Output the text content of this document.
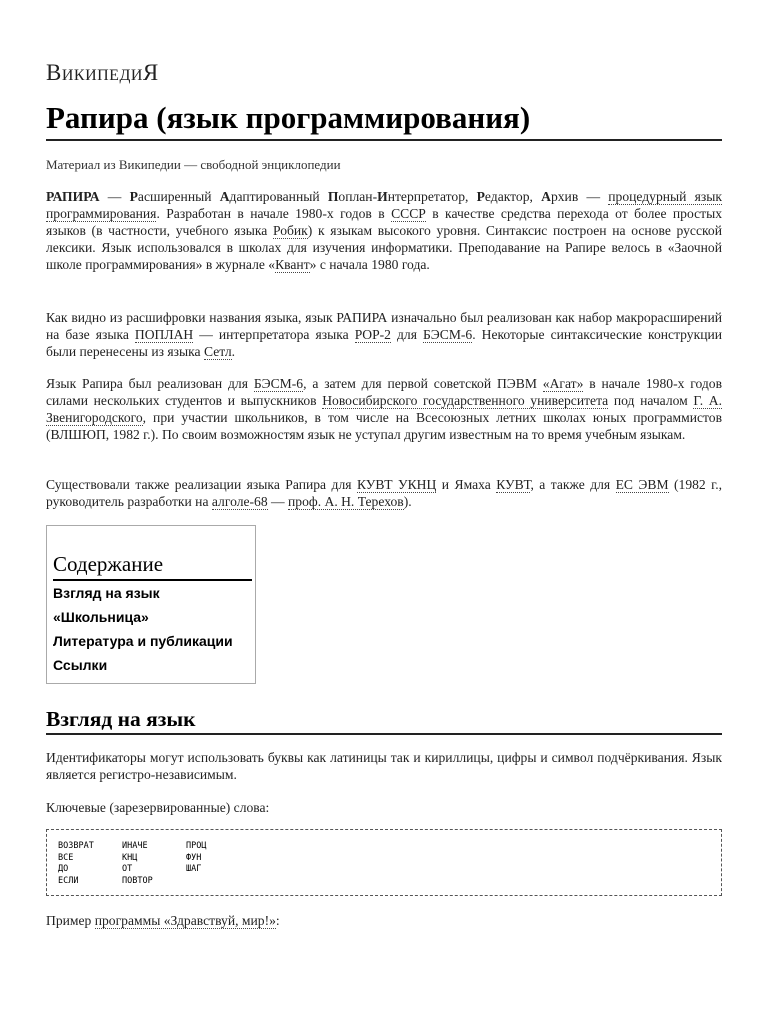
ВИКИПЕДИЯ
Рапира (язык программирования)
Материал из Википедии — свободной энциклопедии

РАПИРА — Расширенный Адаптированный Поплан-Интерпретатор, Редактор, Архив — процедурный язык программирования. Разработан в начале 1980-х годов в СССР в качестве средства перехода от более простых языков (в частности, учебного языка Робик) к языкам высокого уровня. Синтаксис построен на основе русской лексики. Язык использовался в школах для изучения информатики. Преподавание на Рапире велось в «Заочной школе программирования» в журнале «Квант» с начала 1980 года.

Как видно из расшифровки названия языка, язык РАПИРА изначально был реализован как набор макрорасширений на базе языка ПОПЛАН — интерпретатора языка POP-2 для БЭСМ-6. Некоторые синтаксические конструкции были перенесены из языка Сетл.

Язык Рапира был реализован для БЭСМ-6, а затем для первой советской ПЭВМ «Агат» в начале 1980-х годов силами нескольких студентов и выпускников Новосибирского государственного университета под началом Г. А. Звенигородского, при участии школьников, в том числе на Всесоюзных летних школах юных программистов (ВЛШЮП, 1982 г.). По своим возможностям язык не уступал другим известным на то время учебным языкам.

Существовали также реализации языка Рапира для КУВТ УКНЦ и Ямаха КУВТ, а также для ЕС ЭВМ (1982 г., руководитель разработки на алголе-68 — проф. А. Н. Терехов).

Содержание
Взгляд на язык
«Школьница»
Литература и публикации
Ссылки
Взгляд на язык

Идентификаторы могут использовать буквы как латиницы так и кириллицы, цифры и символ подчёркивания. Язык является регистро-независимым.

Ключевые (зарезервированные) слова:

ВОЗВРАТ	ИНАЧЕ	ПРОЦ
ВСЕ	КНЦ	ФУН
ДО	ОТ	ШАГ
ЕСЛИ	ПОВТОР

Пример программы «Здравствуй, мир!»:
